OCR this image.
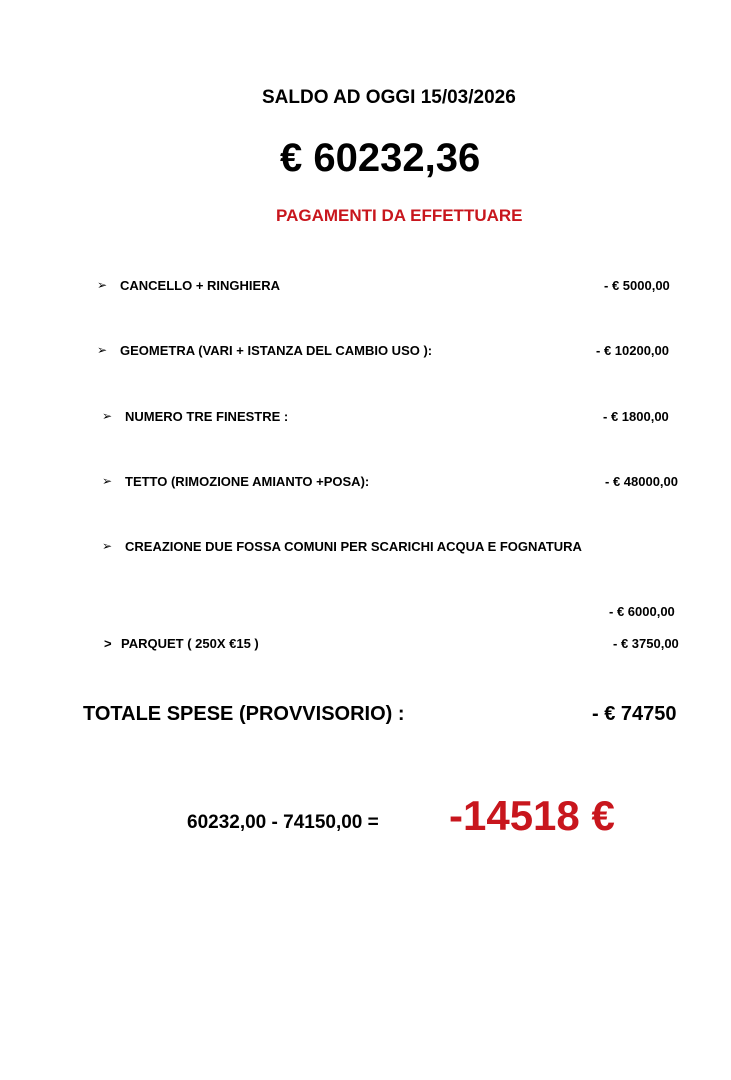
SALDO AD OGGI 15/03/2026
€ 60232,36
PAGAMENTI DA EFFETTUARE
➢ CANCELLO + RINGHIERA	- € 5000,00
➢ GEOMETRA (VARI + ISTANZA DEL CAMBIO USO ):	- € 10200,00
➢ NUMERO TRE FINESTRE :	- € 1800,00
➢ TETTO (RIMOZIONE AMIANTO +POSA):	- € 48000,00
➢ CREAZIONE DUE FOSSA COMUNI PER SCARICHI ACQUA E FOGNATURA
- € 6000,00
> PARQUET ( 250X €15 )	- € 3750,00
TOTALE SPESE (PROVVISORIO) :	- € 74750
60232,00 - 74150,00 = -14518 €
